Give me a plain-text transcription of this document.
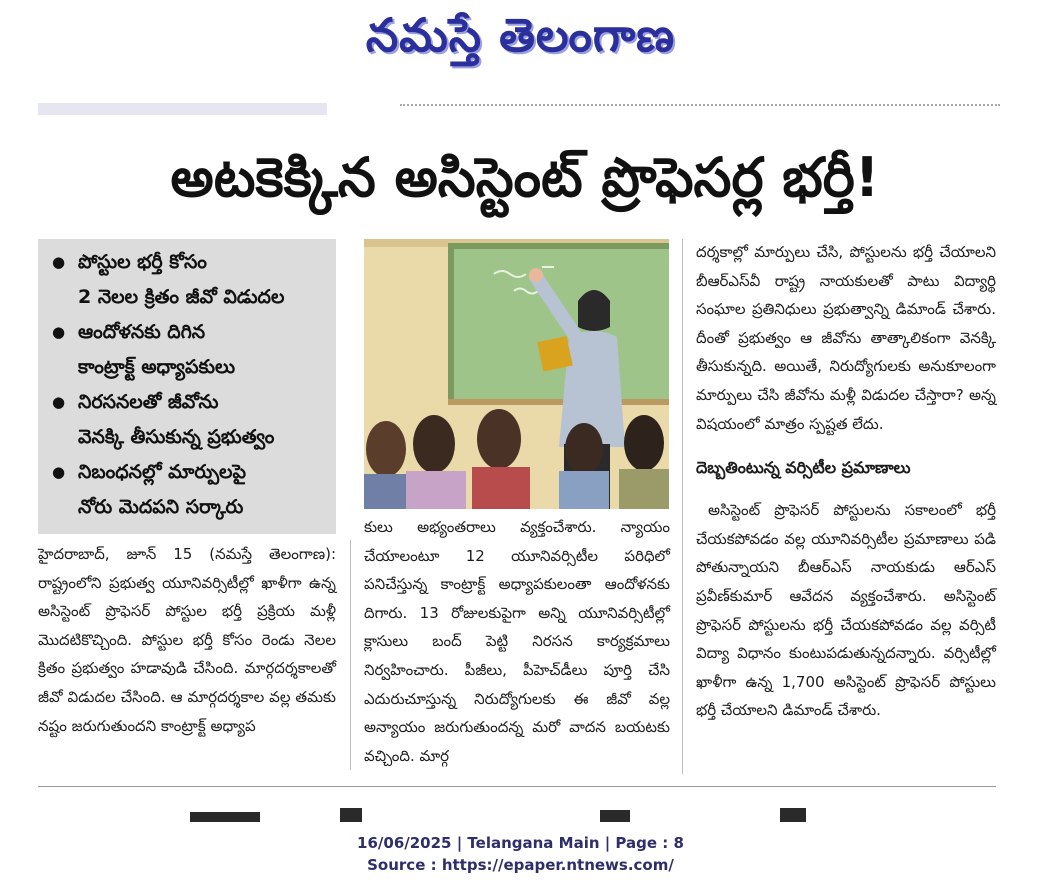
నమస్తే తెలంగాణ
అటకెక్కిన అసిస్టెంట్ ప్రొఫెసర్ల భర్తీ!
● పోస్టుల భర్తీ కోసం
2 నెలల క్రితం జీవో విడుదల
● ఆందోళనకు దిగిన
కాంట్రాక్ట్ అధ్యాపకులు
● నిరసనలతో జీవోను
వెనక్కి తీసుకున్న ప్రభుత్వం
● నిబంధనల్లో మార్పులపై
నోరు మెదపని సర్కారు

హైదరాబాద్, జూన్ 15 (నమస్తే తెలంగాణ): రాష్ట్రంలోని ప్రభుత్వ యూనివర్సిటీల్లో ఖాళీగా ఉన్న అసిస్టెంట్ ప్రొఫెసర్ పోస్టుల భర్తీ ప్రక్రియ మళ్లీ మొదటికొచ్చింది. పోస్టుల భర్తీ కోసం రెండు నెలల క్రితం ప్రభుత్వం హడావుడి చేసింది. మార్గదర్శకాలతో జీవో విడుదల చేసింది. ఆ మార్గదర్శకాల వల్ల తమకు నష్టం జరుగుతుందని కాంట్రాక్ట్ అధ్యాప

కులు అభ్యంతరాలు వ్యక్తంచేశారు. న్యాయం చేయాలంటూ 12 యూనివర్సిటీల పరిధిలో పనిచేస్తున్న కాంట్రాక్ట్ అధ్యాపకులంతా ఆందోళనకు దిగారు. 13 రోజులకుపైగా అన్ని యూనివర్సిటీల్లో క్లాసులు బంద్ పెట్టి నిరసన కార్యక్రమాలు నిర్వహించారు. పీజీలు, పీహెచ్‌డీలు పూర్తి చేసి ఎదురుచూస్తున్న నిరుద్యోగులకు ఈ జీవో వల్ల అన్యాయం జరుగుతుందన్న మరో వాదన బయటకు వచ్చింది. మార్గ

దర్శకాల్లో మార్పులు చేసి, పోస్టులను భర్తీ చేయాలని బీఆర్‌ఎస్‌వీ రాష్ట్ర నాయకులతో పాటు విద్యార్థి సంఘాల ప్రతినిధులు ప్రభుత్వాన్ని డిమాండ్ చేశారు. దీంతో ప్రభుత్వం ఆ జీవోను తాత్కాలికంగా వెనక్కి తీసుకున్నది. అయితే, నిరుద్యోగులకు అనుకూలంగా మార్పులు చేసి జీవోను మళ్లీ విడుదల చేస్తారా? అన్న విషయంలో మాత్రం స్పష్టత లేదు.

దెబ్బతింటున్న వర్సిటీల ప్రమాణాలు

అసిస్టెంట్ ప్రొఫెసర్ పోస్టులను సకాలంలో భర్తీ చేయకపోవడం వల్ల యూనివర్సిటీల ప్రమాణాలు పడి పోతున్నాయని బీఆర్‌ఎస్ నాయకుడు ఆర్‌ఎస్ ప్రవీణ్‌కుమార్ ఆవేదన వ్యక్తంచేశారు. అసిస్టెంట్ ప్రొఫెసర్ పోస్టులను భర్తీ చేయకపోవడం వల్ల వర్సిటీ విద్యా విధానం కుంటుపడుతున్నదన్నారు. వర్సిటీల్లో ఖాళీగా ఉన్న 1,700 అసిస్టెంట్ ప్రొఫెసర్ పోస్టులు భర్తీ చేయాలని డిమాండ్ చేశారు.

16/06/2025 | Telangana Main | Page : 8
Source : https://epaper.ntnews.com/
